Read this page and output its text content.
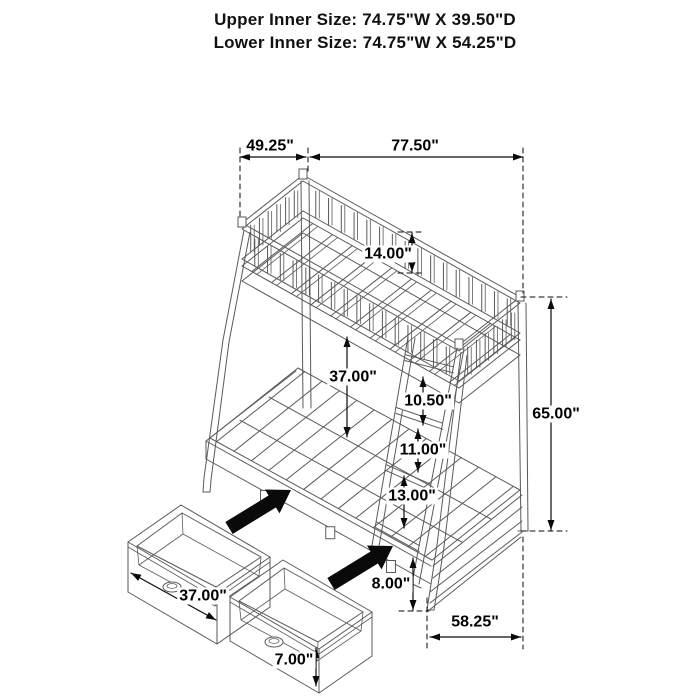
Upper Inner Size: 74.75"W X 39.50"D
Lower Inner Size: 74.75"W X 54.25"D
49.25"	77.50"
14.00"
37.00"
10.50"
11.00"
13.00"
65.00"
8.00"
58.25"
37.00"
7.00"
